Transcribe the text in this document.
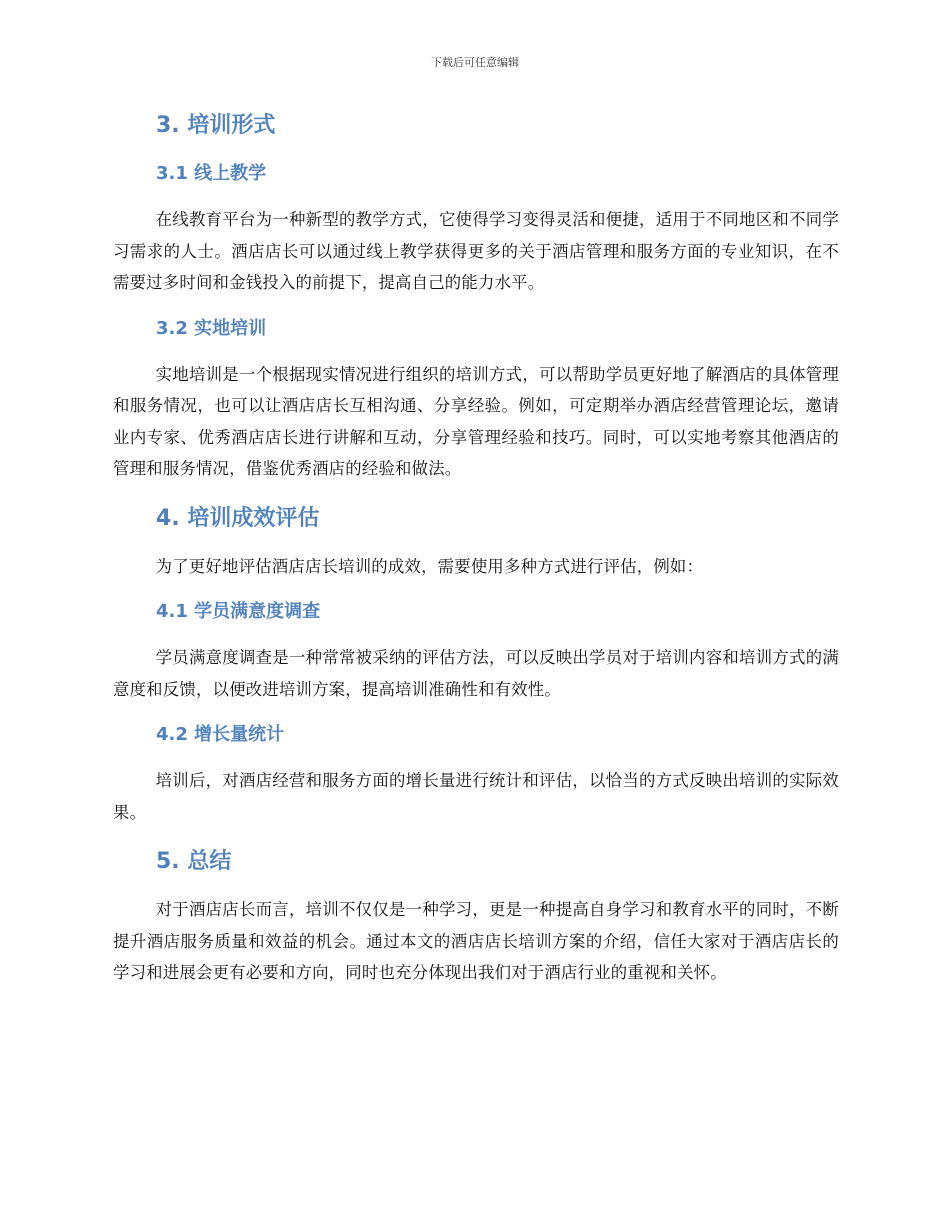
下载后可任意编辑
3. 培训形式
3.1 线上教学

在线教育平台为一种新型的教学方式，它使得学习变得灵活和便捷，适用于不同地区和不同学习需求的人士。酒店店长可以通过线上教学获得更多的关于酒店管理和服务方面的专业知识，在不需要过多时间和金钱投入的前提下，提高自己的能力水平。

3.2 实地培训

实地培训是一个根据现实情况进行组织的培训方式，可以帮助学员更好地了解酒店的具体管理和服务情况，也可以让酒店店长互相沟通、分享经验。例如，可定期举办酒店经营管理论坛，邀请业内专家、优秀酒店店长进行讲解和互动，分享管理经验和技巧。同时，可以实地考察其他酒店的管理和服务情况，借鉴优秀酒店的经验和做法。

4. 培训成效评估

为了更好地评估酒店店长培训的成效，需要使用多种方式进行评估，例如：

4.1 学员满意度调查

学员满意度调查是一种常常被采纳的评估方法，可以反映出学员对于培训内容和培训方式的满意度和反馈，以便改进培训方案，提高培训准确性和有效性。

4.2 增长量统计

培训后，对酒店经营和服务方面的增长量进行统计和评估，以恰当的方式反映出培训的实际效果。

5. 总结

对于酒店店长而言，培训不仅仅是一种学习，更是一种提高自身学习和教育水平的同时，不断提升酒店服务质量和效益的机会。通过本文的酒店店长培训方案的介绍，信任大家对于酒店店长的学习和进展会更有必要和方向，同时也充分体现出我们对于酒店行业的重视和关怀。
